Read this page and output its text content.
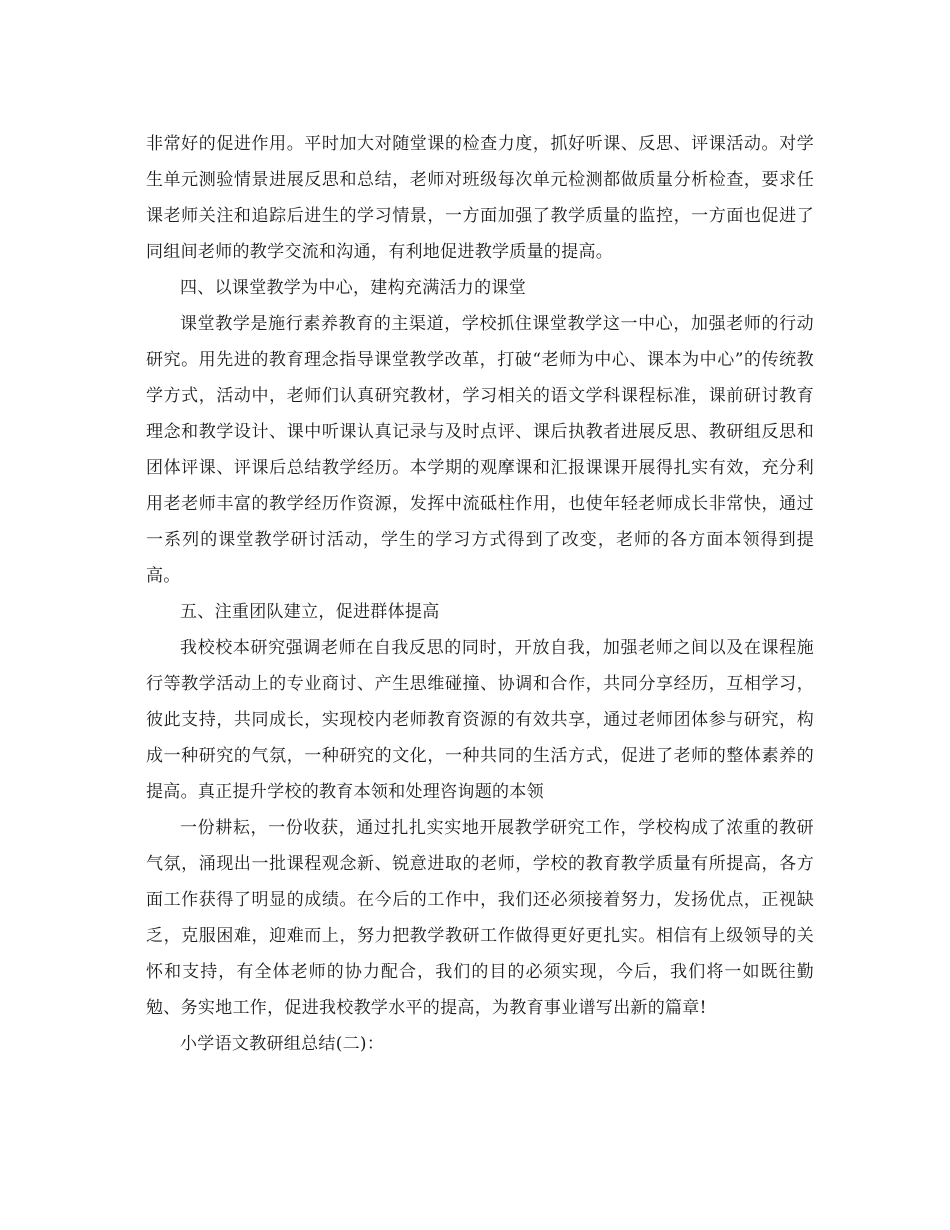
非常好的促进作用。平时加大对随堂课的检查力度，抓好听课、反思、评课活动。对学生单元测验情景进展反思和总结，老师对班级每次单元检测都做质量分析检查，要求任课老师关注和追踪后进生的学习情景，一方面加强了教学质量的监控，一方面也促进了同组间老师的教学交流和沟通，有利地促进教学质量的提高。

四、以课堂教学为中心，建构充满活力的课堂

课堂教学是施行素养教育的主渠道，学校抓住课堂教学这一中心，加强老师的行动研究。用先进的教育理念指导课堂教学改革，打破“老师为中心、课本为中心”的传统教学方式，活动中，老师们认真研究教材，学习相关的语文学科课程标准，课前研讨教育理念和教学设计、课中听课认真记录与及时点评、课后执教者进展反思、教研组反思和团体评课、评课后总结教学经历。本学期的观摩课和汇报课课开展得扎实有效，充分利用老老师丰富的教学经历作资源，发挥中流砥柱作用，也使年轻老师成长非常快，通过一系列的课堂教学研讨活动，学生的学习方式得到了改变，老师的各方面本领得到提高。

五、注重团队建立，促进群体提高

我校校本研究强调老师在自我反思的同时，开放自我，加强老师之间以及在课程施行等教学活动上的专业商讨、产生思维碰撞、协调和合作，共同分享经历，互相学习，彼此支持，共同成长，实现校内老师教育资源的有效共享，通过老师团体参与研究，构成一种研究的气氛，一种研究的文化，一种共同的生活方式，促进了老师的整体素养的提高。真正提升学校的教育本领和处理咨询题的本领

一份耕耘，一份收获，通过扎扎实实地开展教学研究工作，学校构成了浓重的教研气氛，涌现出一批课程观念新、锐意进取的老师，学校的教育教学质量有所提高，各方面工作获得了明显的成绩。在今后的工作中，我们还必须接着努力，发扬优点，正视缺乏，克服困难，迎难而上，努力把教学教研工作做得更好更扎实。相信有上级领导的关怀和支持，有全体老师的协力配合，我们的目的必须实现，今后，我们将一如既往勤勉、务实地工作，促进我校教学水平的提高，为教育事业谱写出新的篇章!

小学语文教研组总结(二)：
